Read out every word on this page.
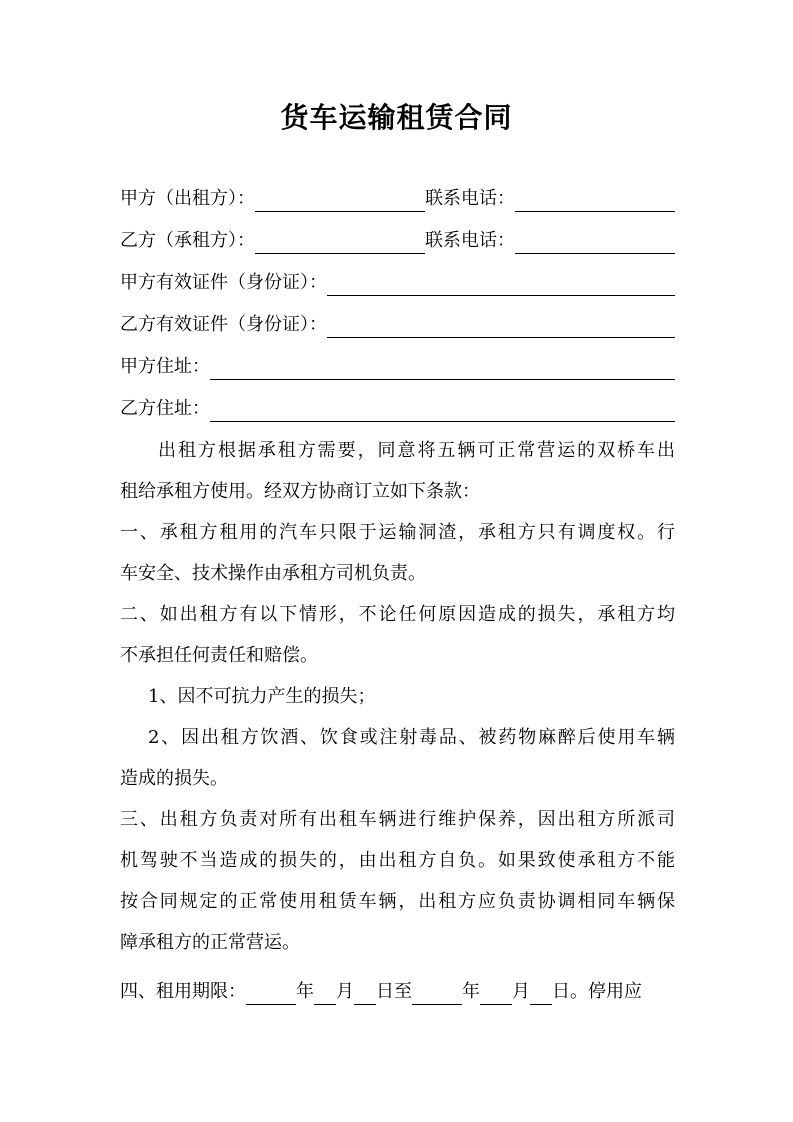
货车运输租赁合同
甲方（出租方）：	联系电话：
乙方（承租方）：	联系电话：
甲方有效证件（身份证）：
乙方有效证件（身份证）：
甲方住址：
乙方住址：
出租方根据承租方需要，同意将五辆可正常营运的双桥车出
租给承租方使用。经双方协商订立如下条款：
一、承租方租用的汽车只限于运输洞渣，承租方只有调度权。行
车安全、技术操作由承租方司机负责。
二、如出租方有以下情形，不论任何原因造成的损失，承租方均
不承担任何责任和赔偿。
1、因不可抗力产生的损失；
2、因出租方饮酒、饮食或注射毒品、被药物麻醉后使用车辆
造成的损失。
三、出租方负责对所有出租车辆进行维护保养，因出租方所派司
机驾驶不当造成的损失的，由出租方自负。如果致使承租方不能
按合同规定的正常使用租赁车辆，出租方应负责协调相同车辆保
障承租方的正常营运。
四、租用期限：	年 月 日至	年 月 日。停用应
